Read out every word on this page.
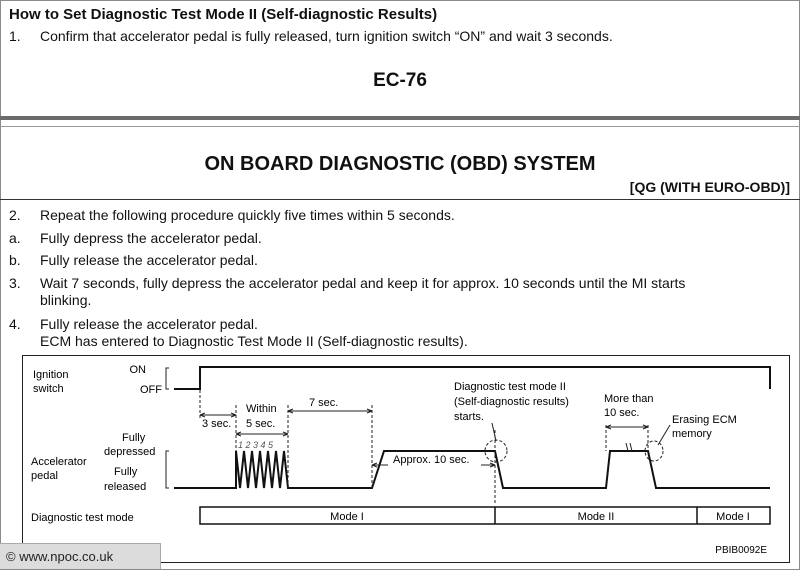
How to Set Diagnostic Test Mode II (Self-diagnostic Results)
1. Confirm that accelerator pedal is fully released, turn ignition switch “ON” and wait 3 seconds.
EC-76
ON BOARD DIAGNOSTIC (OBD) SYSTEM
[QG (WITH EURO-OBD)]
2. Repeat the following procedure quickly five times within 5 seconds.
a. Fully depress the accelerator pedal.
b. Fully release the accelerator pedal.
3. Wait 7 seconds, fully depress the accelerator pedal and keep it for approx. 10 seconds until the MI starts
blinking.
4. Fully release the accelerator pedal.
ECM has entered to Diagnostic Test Mode II (Self-diagnostic results).
Ignition
switch
ON
OFF
Fully
depressed
Accelerator
pedal	Fully
released
3 sec.
Within
5 sec.
1 2 3 4 5
7 sec.
Approx. 10 sec.
Diagnostic test mode II
(Self-diagnostic results)
starts.
More than
10 sec.
Erasing ECM
memory
Diagnostic test mode	Mode I	Mode II	Mode I
PBIB0092E
© www.npoc.co.uk
